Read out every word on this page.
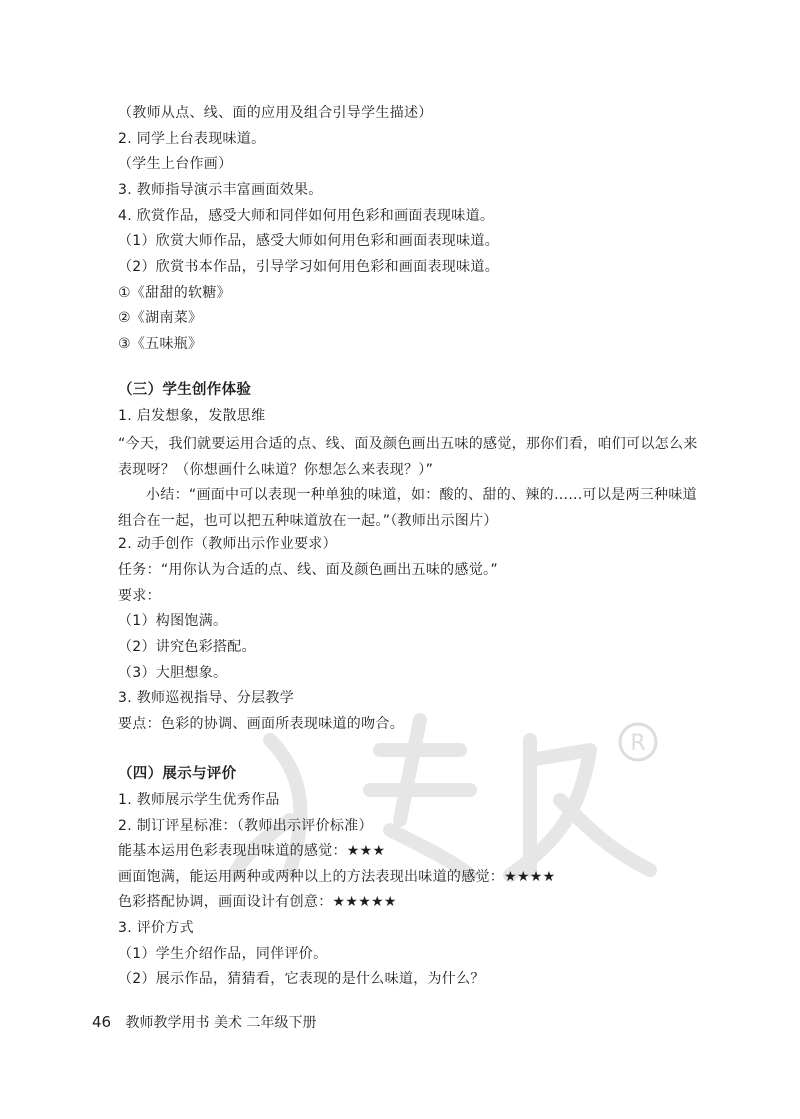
R
（教师从点、线、面的应用及组合引导学生描述）
2. 同学上台表现味道。
（学生上台作画）
3. 教师指导演示丰富画面效果。
4. 欣赏作品，感受大师和同伴如何用色彩和画面表现味道。
（1）欣赏大师作品，感受大师如何用色彩和画面表现味道。
（2）欣赏书本作品，引导学习如何用色彩和画面表现味道。
①《甜甜的软糖》
②《湖南菜》
③《五味瓶》
（三）学生创作体验
1. 启发想象，发散思维
“今天，我们就要运用合适的点、线、面及颜色画出五味的感觉，那你们看，咱们可以怎么来表现呀？（你想画什么味道？你想怎么来表现？）”
小结：“画面中可以表现一种单独的味道，如：酸的、甜的、辣的……可以是两三种味道组合在一起，也可以把五种味道放在一起。”（教师出示图片）
2. 动手创作（教师出示作业要求）
任务：“用你认为合适的点、线、面及颜色画出五味的感觉。”
要求：
（1）构图饱满。
（2）讲究色彩搭配。
（3）大胆想象。
3. 教师巡视指导、分层教学
要点：色彩的协调、画面所表现味道的吻合。
（四）展示与评价
1. 教师展示学生优秀作品
2. 制订评星标准：（教师出示评价标准）
能基本运用色彩表现出味道的感觉：★★★
画面饱满，能运用两种或两种以上的方法表现出味道的感觉：★★★★
色彩搭配协调，画面设计有创意：★★★★★
3. 评价方式
（1）学生介绍作品，同伴评价。
（2）展示作品，猜猜看，它表现的是什么味道，为什么？
46 教师教学用书 美术 二年级下册
